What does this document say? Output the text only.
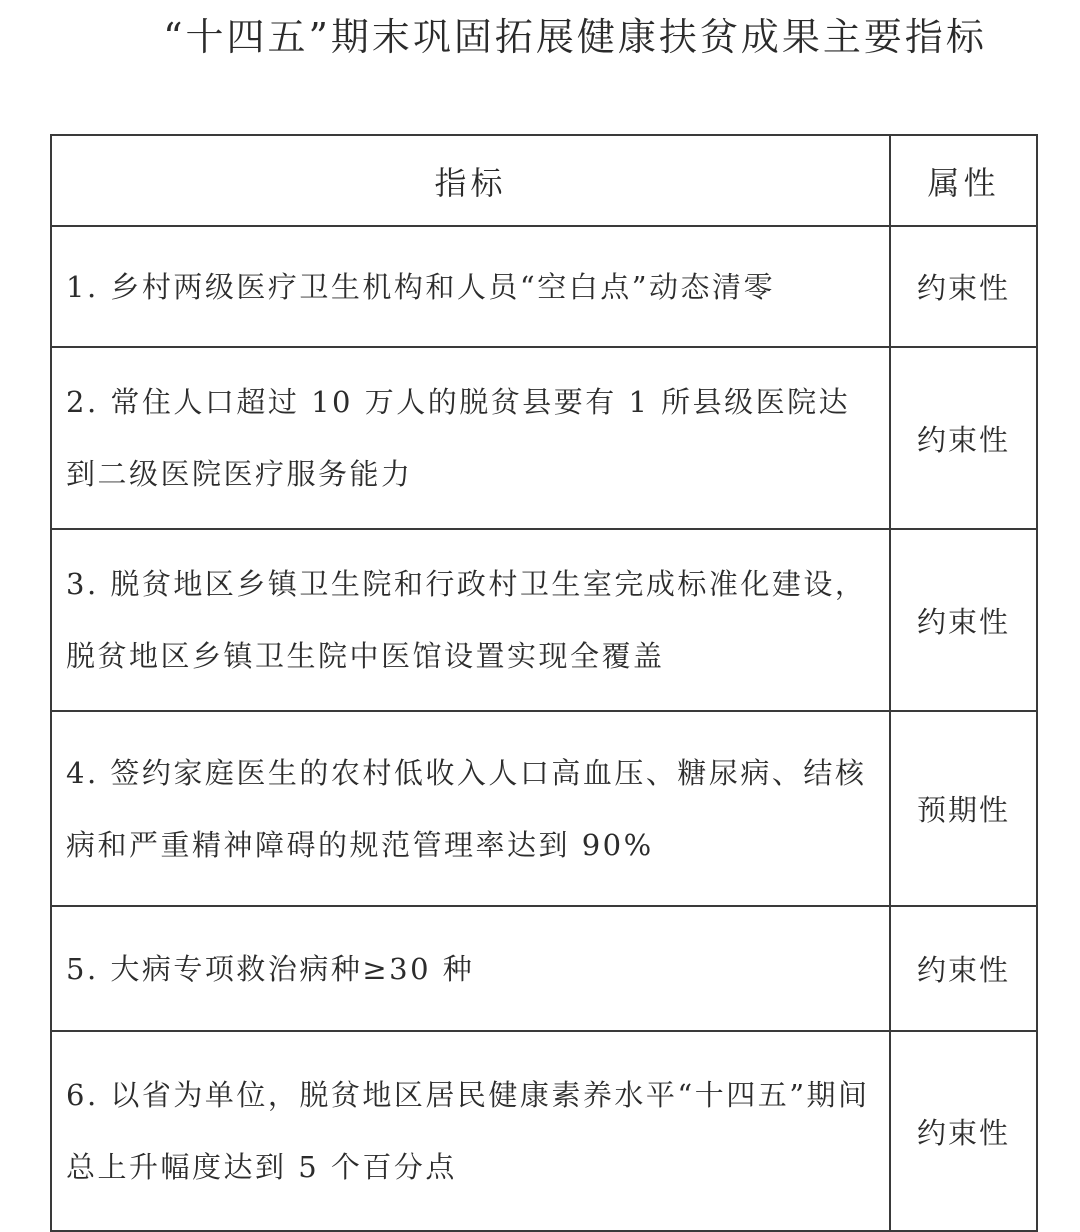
“十四五”期末巩固拓展健康扶贫成果主要指标
指标	属性
1. 乡村两级医疗卫生机构和人员“空白点”动态清零	约束性
2. 常住人口超过 10 万人的脱贫县要有 1 所县级医院达到二级医院医疗服务能力	约束性
3. 脱贫地区乡镇卫生院和行政村卫生室完成标准化建设，脱贫地区乡镇卫生院中医馆设置实现全覆盖	约束性
4. 签约家庭医生的农村低收入人口高血压、糖尿病、结核病和严重精神障碍的规范管理率达到 90%	预期性
5. 大病专项救治病种≥30 种	约束性
6. 以省为单位，脱贫地区居民健康素养水平“十四五”期间总上升幅度达到 5 个百分点	约束性
